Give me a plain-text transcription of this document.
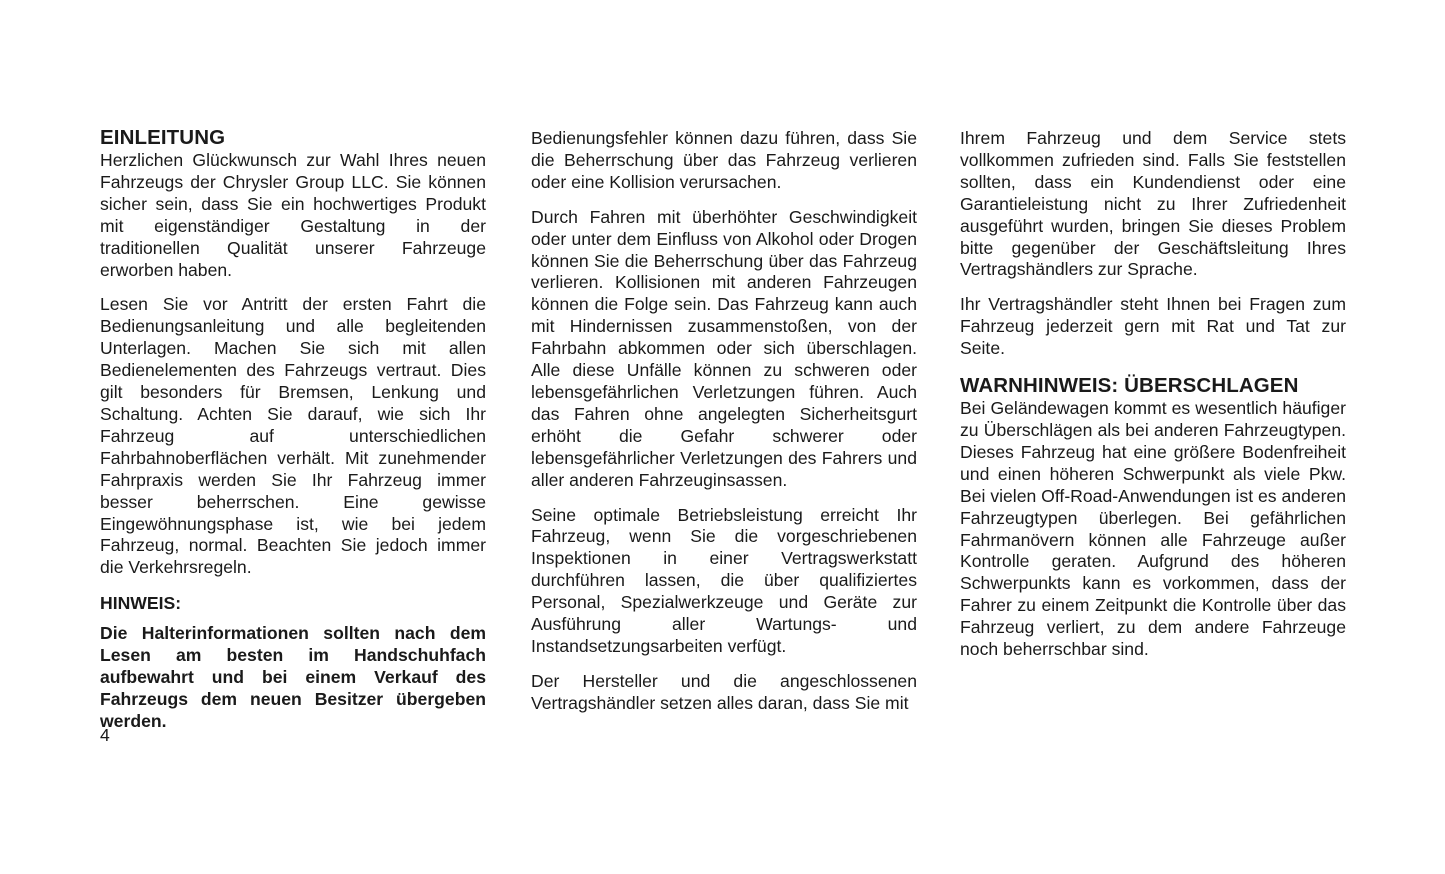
EINLEITUNG

Herzlichen Glückwunsch zur Wahl Ihres neuen Fahrzeugs der Chrysler Group LLC. Sie können sicher sein, dass Sie ein hochwertiges Produkt mit eigenständiger Gestaltung in der traditionellen Qualität unserer Fahrzeuge erworben haben.

Lesen Sie vor Antritt der ersten Fahrt die Bedienungsanleitung und alle begleitenden Unterlagen. Machen Sie sich mit allen Bedienelementen des Fahrzeugs vertraut. Dies gilt besonders für Bremsen, Lenkung und Schaltung. Achten Sie darauf, wie sich Ihr Fahrzeug auf unterschiedlichen Fahrbahnoberflächen verhält. Mit zunehmender Fahrpraxis werden Sie Ihr Fahrzeug immer besser beherrschen. Eine gewisse Eingewöhnungsphase ist, wie bei jedem Fahrzeug, normal. Beachten Sie jedoch immer die Verkehrsregeln.

HINWEIS:

Die Halterinformationen sollten nach dem Lesen am besten im Handschuhfach aufbewahrt und bei einem Verkauf des Fahrzeugs dem neuen Besitzer übergeben werden.

Bedienungsfehler können dazu führen, dass Sie die Beherrschung über das Fahrzeug verlieren oder eine Kollision verursachen.

Durch Fahren mit überhöhter Geschwindigkeit oder unter dem Einfluss von Alkohol oder Drogen können Sie die Beherrschung über das Fahrzeug verlieren. Kollisionen mit anderen Fahrzeugen können die Folge sein. Das Fahrzeug kann auch mit Hindernissen zusammenstoßen, von der Fahrbahn abkommen oder sich überschlagen. Alle diese Unfälle können zu schweren oder lebensgefährlichen Verletzungen führen. Auch das Fahren ohne angelegten Sicherheitsgurt erhöht die Gefahr schwerer oder lebensgefährlicher Verletzungen des Fahrers und aller anderen Fahrzeuginsassen.

Seine optimale Betriebsleistung erreicht Ihr Fahrzeug, wenn Sie die vorgeschriebenen Inspektionen in einer Vertragswerkstatt durchführen lassen, die über qualifiziertes Personal, Spezialwerkzeuge und Geräte zur Ausführung aller Wartungs- und Instandsetzungsarbeiten verfügt.

Der Hersteller und die angeschlossenen Vertragshändler setzen alles daran, dass Sie mit

Ihrem Fahrzeug und dem Service stets vollkommen zufrieden sind. Falls Sie feststellen sollten, dass ein Kundendienst oder eine Garantieleistung nicht zu Ihrer Zufriedenheit ausgeführt wurden, bringen Sie dieses Problem bitte gegenüber der Geschäftsleitung Ihres Vertragshändlers zur Sprache.

Ihr Vertragshändler steht Ihnen bei Fragen zum Fahrzeug jederzeit gern mit Rat und Tat zur Seite.

WARNHINWEIS: ÜBERSCHLAGEN

Bei Geländewagen kommt es wesentlich häufiger zu Überschlägen als bei anderen Fahrzeugtypen. Dieses Fahrzeug hat eine größere Bodenfreiheit und einen höheren Schwerpunkt als viele Pkw. Bei vielen Off-Road-Anwendungen ist es anderen Fahrzeugtypen überlegen. Bei gefährlichen Fahrmanövern können alle Fahrzeuge außer Kontrolle geraten. Aufgrund des höheren Schwerpunkts kann es vorkommen, dass der Fahrer zu einem Zeitpunkt die Kontrolle über das Fahrzeug verliert, zu dem andere Fahrzeuge noch beherrschbar sind.

4
